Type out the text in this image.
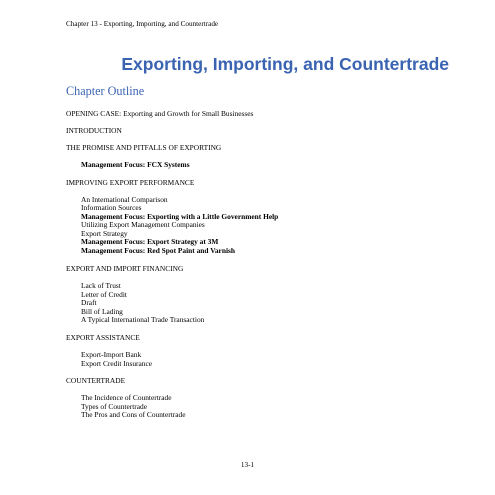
Chapter 13 - Exporting, Importing, and Countertrade
Exporting, Importing, and Countertrade
Chapter Outline
OPENING CASE: Exporting and Growth for Small Businesses
INTRODUCTION
THE PROMISE AND PITFALLS OF EXPORTING
Management Focus: FCX Systems
IMPROVING EXPORT PERFORMANCE
An International Comparison
Information Sources
Management Focus: Exporting with a Little Government Help
Utilizing Export Management Companies
Export Strategy
Management Focus: Export Strategy at 3M
Management Focus: Red Spot Paint and Varnish
EXPORT AND IMPORT FINANCING
Lack of Trust
Letter of Credit
Draft
Bill of Lading
A Typical International Trade Transaction
EXPORT ASSISTANCE
Export-Import Bank
Export Credit Insurance
COUNTERTRADE
The Incidence of Countertrade
Types of Countertrade
The Pros and Cons of Countertrade
13-1
